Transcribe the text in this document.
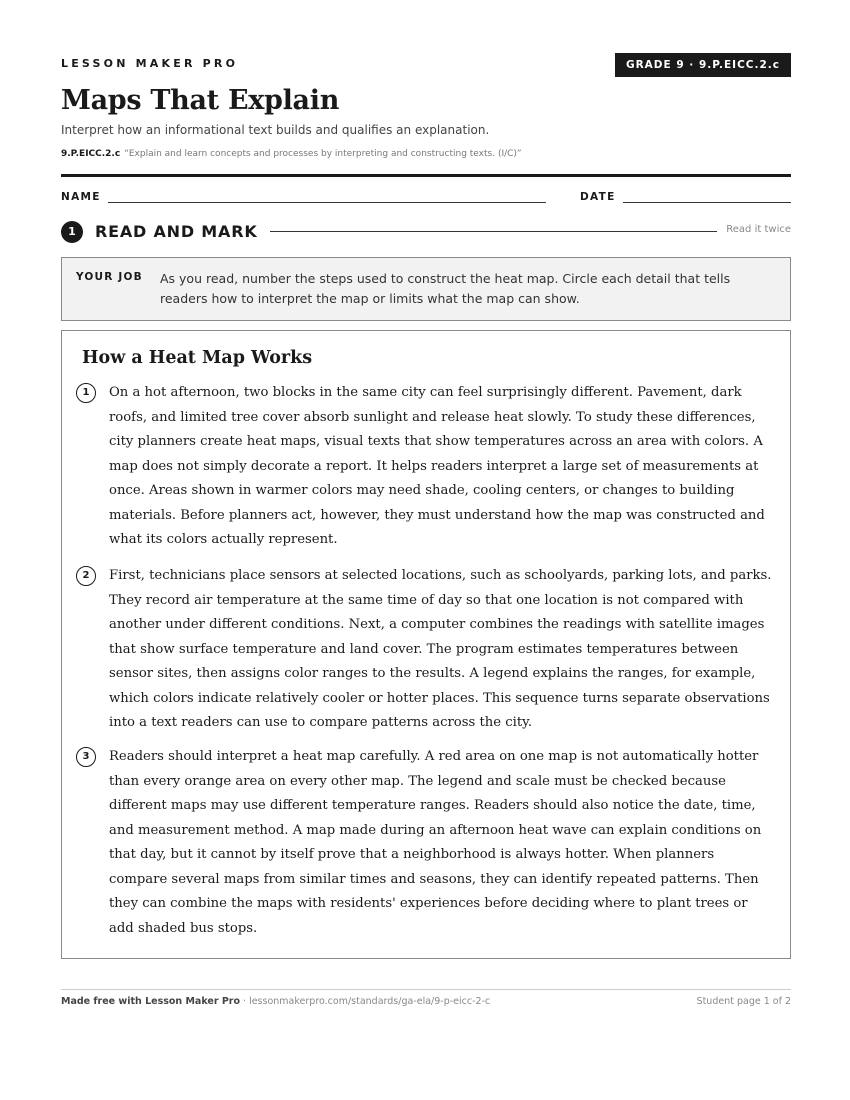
LESSON MAKER PRO	GRADE 9 · 9.P.EICC.2.c
Maps That Explain
Interpret how an informational text builds and qualifies an explanation.
9.P.EICC.2.c “Explain and learn concepts and processes by interpreting and constructing texts. (I/C)”
NAME	DATE
1	READ AND MARK	Read it twice
YOUR JOB As you read, number the steps used to construct the heat map. Circle each detail that tells readers how to interpret the map or limits what the map can show.
How a Heat Map Works
1	On a hot afternoon, two blocks in the same city can feel surprisingly different. Pavement, dark roofs, and limited tree cover absorb sunlight and release heat slowly. To study these differences, city planners create heat maps, visual texts that show temperatures across an area with colors. A map does not simply decorate a report. It helps readers interpret a large set of measurements at once. Areas shown in warmer colors may need shade, cooling centers, or changes to building materials. Before planners act, however, they must understand how the map was constructed and what its colors actually represent.

2	First, technicians place sensors at selected locations, such as schoolyards, parking lots, and parks. They record air temperature at the same time of day so that one location is not compared with another under different conditions. Next, a computer combines the readings with satellite images that show surface temperature and land cover. The program estimates temperatures between sensor sites, then assigns color ranges to the results. A legend explains the ranges, for example, which colors indicate relatively cooler or hotter places. This sequence turns separate observations into a text readers can use to compare patterns across the city.

3	Readers should interpret a heat map carefully. A red area on one map is not automatically hotter than every orange area on every other map. The legend and scale must be checked because different maps may use different temperature ranges. Readers should also notice the date, time, and measurement method. A map made during an afternoon heat wave can explain conditions on that day, but it cannot by itself prove that a neighborhood is always hotter. When planners compare several maps from similar times and seasons, they can identify repeated patterns. Then they can combine the maps with residents' experiences before deciding where to plant trees or add shaded bus stops.

Made free with Lesson Maker Pro · lessonmakerpro.com/standards/ga-ela/9-p-eicc-2-c	Student page 1 of 2
